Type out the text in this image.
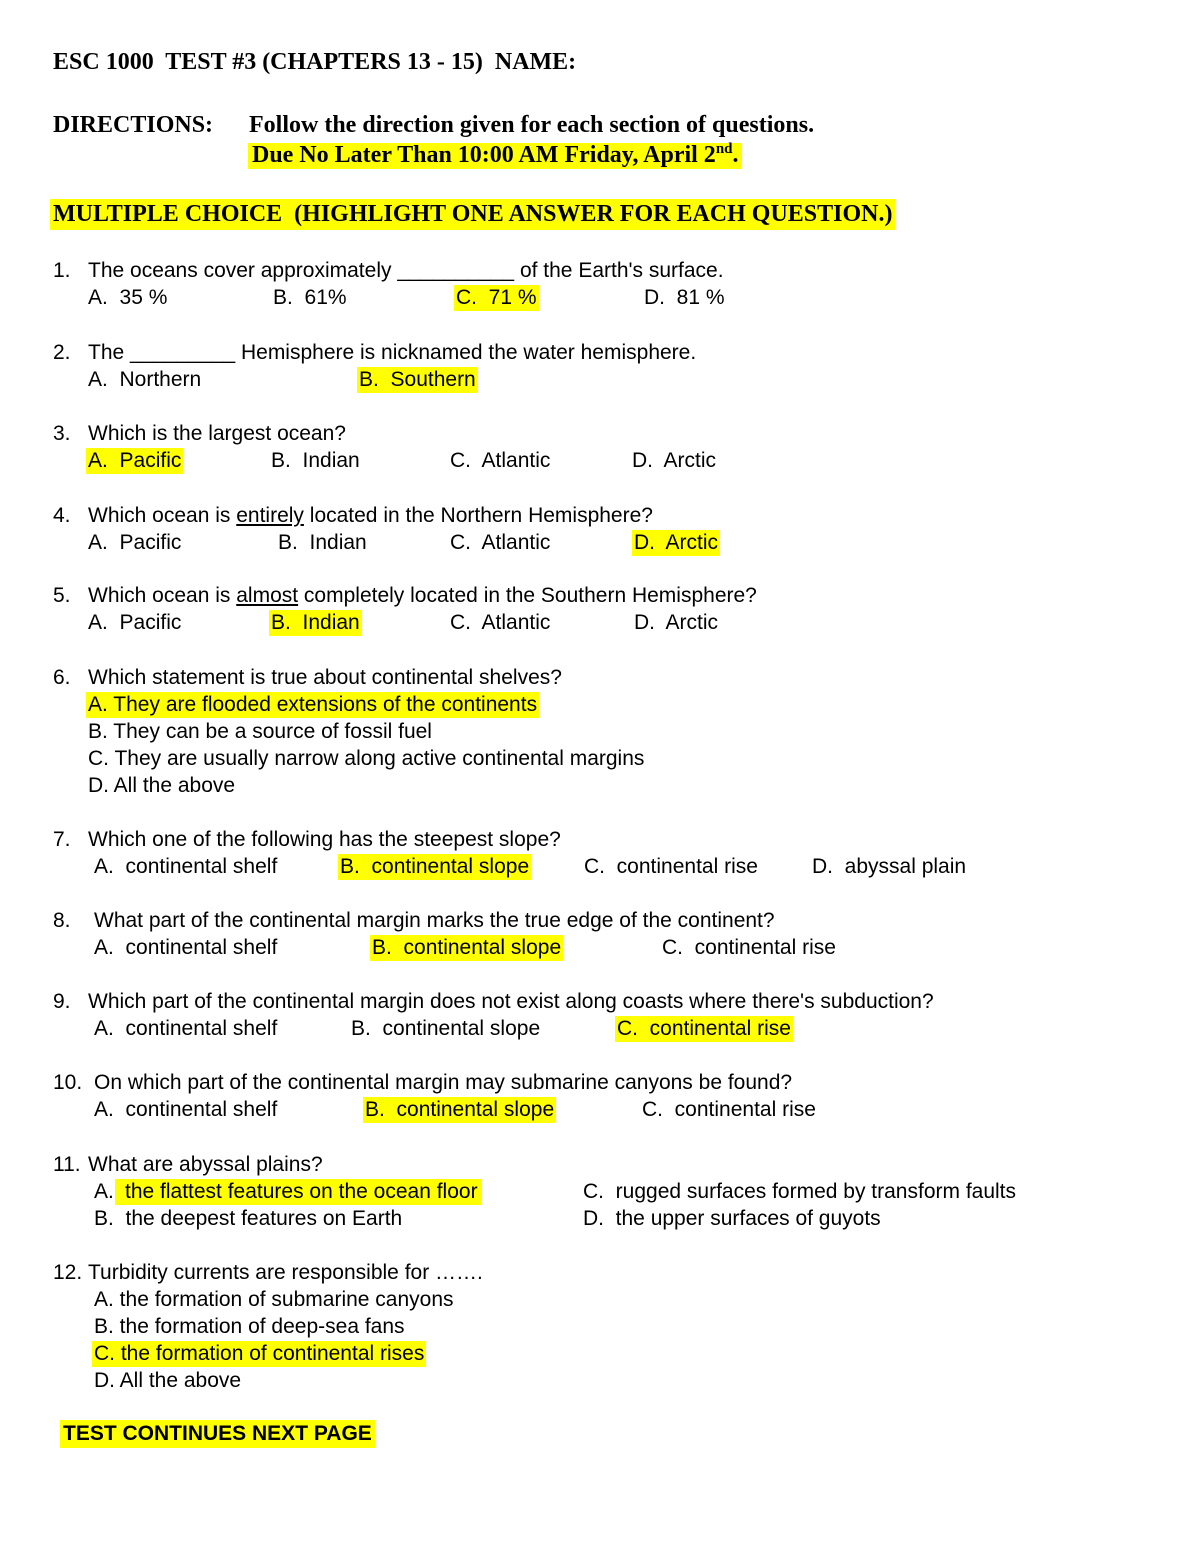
ESC 1000  TEST #3 (CHAPTERS 13 - 15)  NAME:
DIRECTIONS: Follow the direction given for each section of questions.
Due No Later Than 10:00 AM Friday, April 2nd.
MULTIPLE CHOICE  (HIGHLIGHT ONE ANSWER FOR EACH QUESTION.)
1. The oceans cover approximately __________ of the Earth's surface.
A.  35 %	B.  61%	C.  71 %	D.  81 %
2. The _________ Hemisphere is nicknamed the water hemisphere.
A.  Northern	B.  Southern
3. Which is the largest ocean?
A.  Pacific	B.  Indian	C.  Atlantic	D.  Arctic
4. Which ocean is entirely located in the Northern Hemisphere?
A.  Pacific	B.  Indian	C.  Atlantic	D.  Arctic
5. Which ocean is almost completely located in the Southern Hemisphere?
A.  Pacific	B.  Indian	C.  Atlantic	D.  Arctic
6. Which statement is true about continental shelves?
A. They are flooded extensions of the continents
B. They can be a source of fossil fuel
C. They are usually narrow along active continental margins
D. All the above
7. Which one of the following has the steepest slope?
A.  continental shelf	B.  continental slope	C.  continental rise	D.  abyssal plain
8. What part of the continental margin marks the true edge of the continent?
A.  continental shelf	B.  continental slope	C.  continental rise
9. Which part of the continental margin does not exist along coasts where there's subduction?
A.  continental shelf	B.  continental slope	C.  continental rise
10. On which part of the continental margin may submarine canyons be found?
A.  continental shelf	B.  continental slope	C.  continental rise
11. What are abyssal plains?
A. the flattest features on the ocean floor
B.  the deepest features on Earth
C.  rugged surfaces formed by transform faults
D.  the upper surfaces of guyots
12. Turbidity currents are responsible for …….
A. the formation of submarine canyons
B. the formation of deep-sea fans
C. the formation of continental rises
D. All the above
TEST CONTINUES NEXT PAGE
